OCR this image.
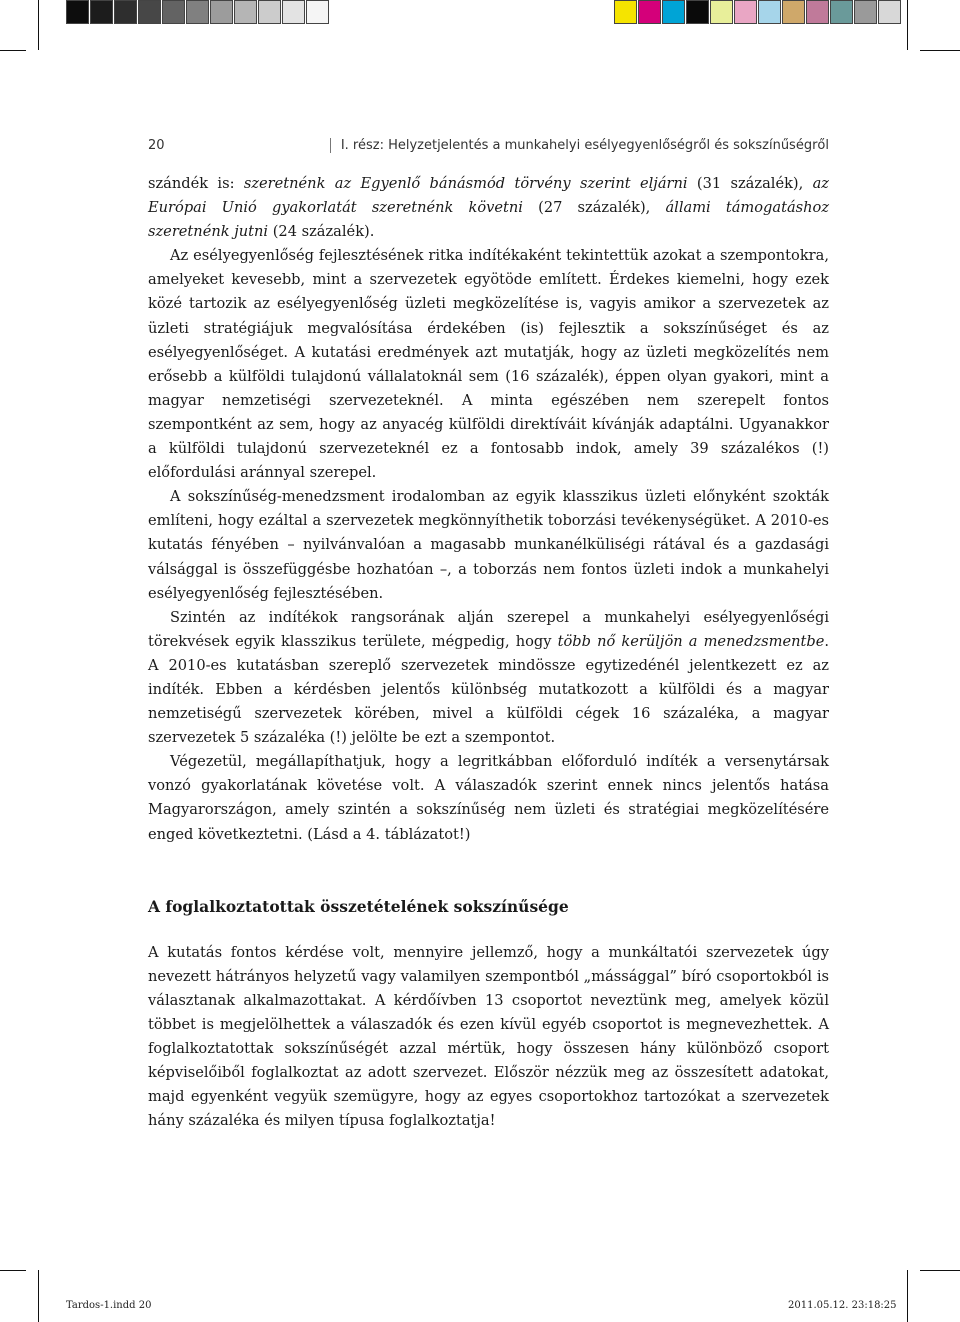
20	I. rész: Helyzetjelentés a munkahelyi esélyegyenlőségről és sokszínűségről

szándék is: szeretnénk az Egyenlő bánásmód törvény szerint eljárni (31 százalék), az Európai Unió gyakorlatát szeretnénk követni (27 százalék), állami támogatáshoz szeretnénk jutni (24 százalék).

Az esélyegyenlőség fejlesztésének ritka indítékaként tekintettük azokat a szempontokra, amelyeket kevesebb, mint a szervezetek egyötöde említett. Érdekes kiemelni, hogy ezek közé tartozik az esélyegyenlőség üzleti megközelítése is, vagyis amikor a szervezetek az üzleti stratégiájuk megvalósítása érdekében (is) fejlesztik a sokszínűséget és az esélyegyenlőséget. A kutatási eredmények azt mutatják, hogy az üzleti megközelítés nem erősebb a külföldi tulajdonú vállalatoknál sem (16 százalék), éppen olyan gyakori, mint a magyar nemzetiségi szervezeteknél. A minta egészében nem szerepelt fontos szempontként az sem, hogy az anyacég külföldi direktíváit kívánják adaptálni. Ugyanakkor a külföldi tulajdonú szervezeteknél ez a fontosabb indok, amely 39 százalékos (!) előfordulási aránnyal szerepel.

A sokszínűség-menedzsment irodalomban az egyik klasszikus üzleti előnyként szokták említeni, hogy ezáltal a szervezetek megkönnyíthetik toborzási tevékenységüket. A 2010-es kutatás fényében – nyilvánvalóan a magasabb munkanélküliségi rátával és a gazdasági válsággal is összefüggésbe hozhatóan –, a toborzás nem fontos üzleti indok a munkahelyi esélyegyenlőség fejlesztésében.

Szintén az indítékok rangsorának alján szerepel a munkahelyi esélyegyenlőségi törekvések egyik klasszikus területe, mégpedig, hogy több nő kerüljön a menedzsmentbe. A 2010-es kutatásban szereplő szervezetek mindössze egytizedénél jelentkezett ez az indíték. Ebben a kérdésben jelentős különbség mutatkozott a külföldi és a magyar nemzetiségű szervezetek körében, mivel a külföldi cégek 16 százaléka, a magyar szervezetek 5 százaléka (!) jelölte be ezt a szempontot.

Végezetül, megállapíthatjuk, hogy a legritkábban előforduló indíték a versenytársak vonzó gyakorlatának követése volt. A válaszadók szerint ennek nincs jelentős hatása Magyarországon, amely szintén a sokszínűség nem üzleti és stratégiai megközelítésére enged következtetni. (Lásd a 4. táblázatot!)

A foglalkoztatottak összetételének sokszínűsége

A kutatás fontos kérdése volt, mennyire jellemző, hogy a munkáltatói szervezetek úgy nevezett hátrányos helyzetű vagy valamilyen szempontból „mássággal” bíró csoportokból is választanak alkalmazottakat. A kérdőívben 13 csoportot neveztünk meg, amelyek közül többet is megjelölhettek a válaszadók és ezen kívül egyéb csoportot is megnevezhettek. A foglalkoztatottak sokszínűségét azzal mértük, hogy összesen hány különböző csoport képviselőiből foglalkoztat az adott szervezet. Először nézzük meg az összesített adatokat, majd egyenként vegyük szemügyre, hogy az egyes csoportokhoz tartozókat a szervezetek hány százaléka és milyen típusa foglalkoztatja!

Tardos-1.indd 20	2011.05.12. 23:18:25
